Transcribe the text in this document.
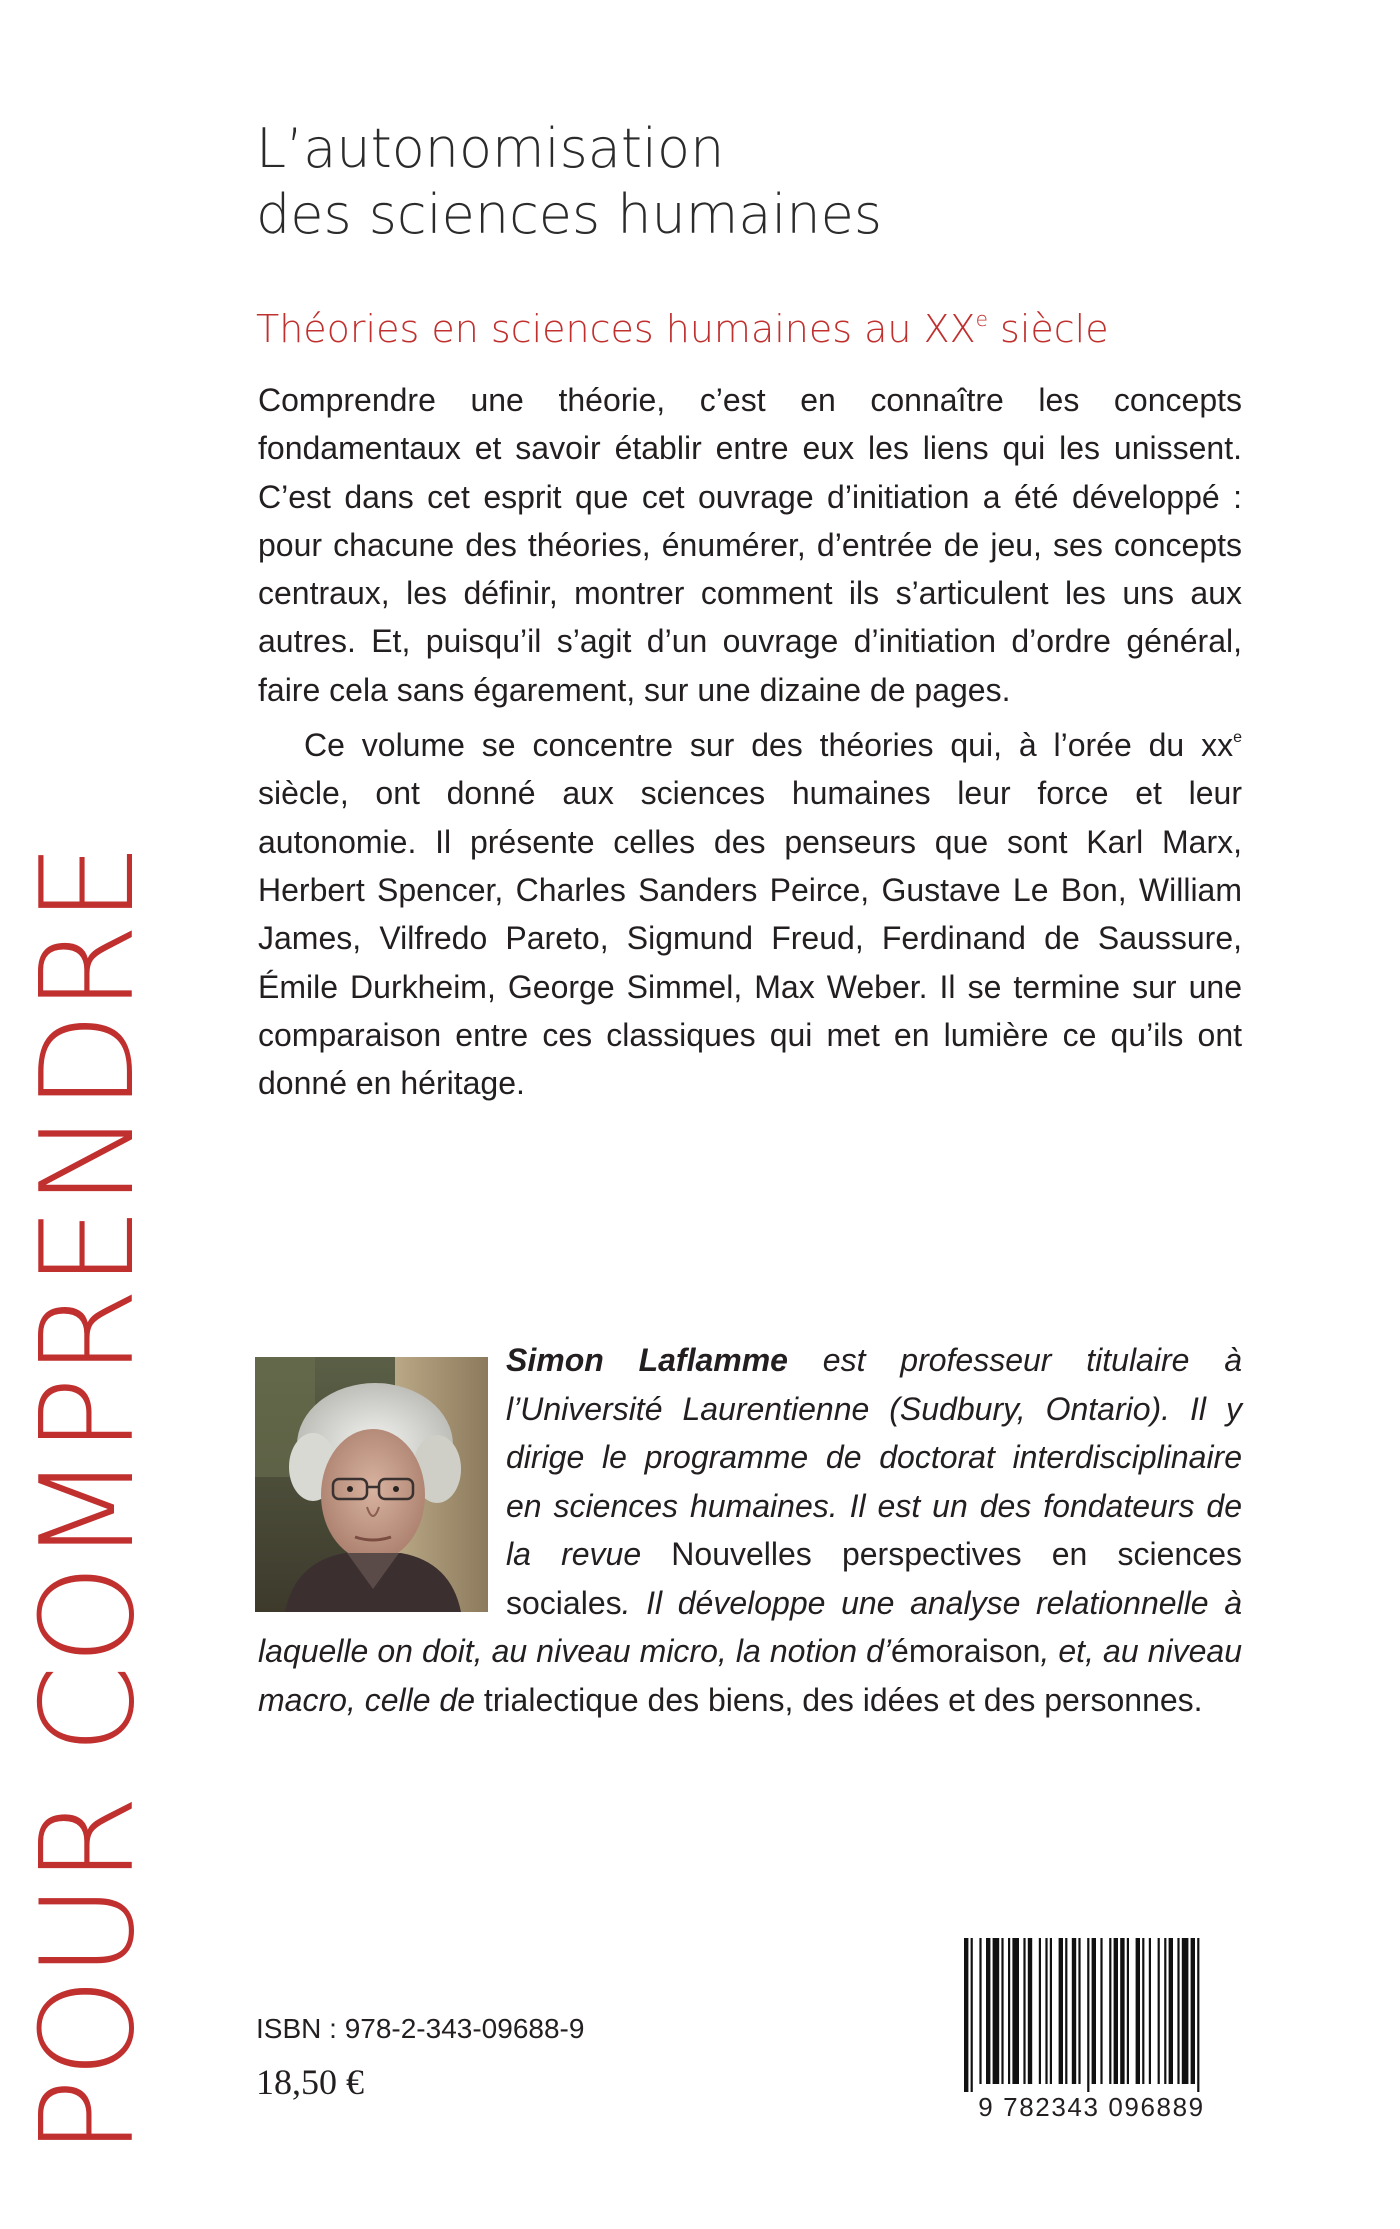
POUR COMPRENDRE
L’autonomisation
des sciences humaines
Théories en sciences humaines au XXe siècle

Comprendre une théorie, c’est en connaître les concepts fondamentaux et savoir établir entre eux les liens qui les unissent. C’est dans cet esprit que cet ouvrage d’initiation a été développé : pour chacune des théories, énumérer, d’entrée de jeu, ses concepts centraux, les définir, montrer comment ils s’articulent les uns aux autres. Et, puisqu’il s’agit d’un ouvrage d’initiation d’ordre général, faire cela sans égarement, sur une dizaine de pages.

Ce volume se concentre sur des théories qui, à l’orée du $xx^e$ siècle, ont donné aux sciences humaines leur force et leur autonomie. Il présente celles des penseurs que sont Karl Marx, Herbert Spencer, Charles Sanders Peirce, Gustave Le Bon, William James, Vilfredo Pareto, Sigmund Freud, Ferdinand de Saussure, Émile Durkheim, George Simmel, Max Weber. Il se termine sur une comparaison entre ces classiques qui met en lumière ce qu’ils ont donné en héritage.

Simon Laflamme est professeur titulaire à l’Université Laurentienne (Sudbury, Ontario). Il y dirige le programme de doctorat interdisciplinaire en sciences humaines. Il est un des fondateurs de la revue Nouvelles perspectives en sciences sociales. Il développe une analyse relationnelle à laquelle on doit, au niveau micro, la notion d’émoraison, et, au niveau macro, celle de trialectique des biens, des idées et des personnes.

ISBN : 978-2-343-09688-9
18,50 €
9 782343 096889
